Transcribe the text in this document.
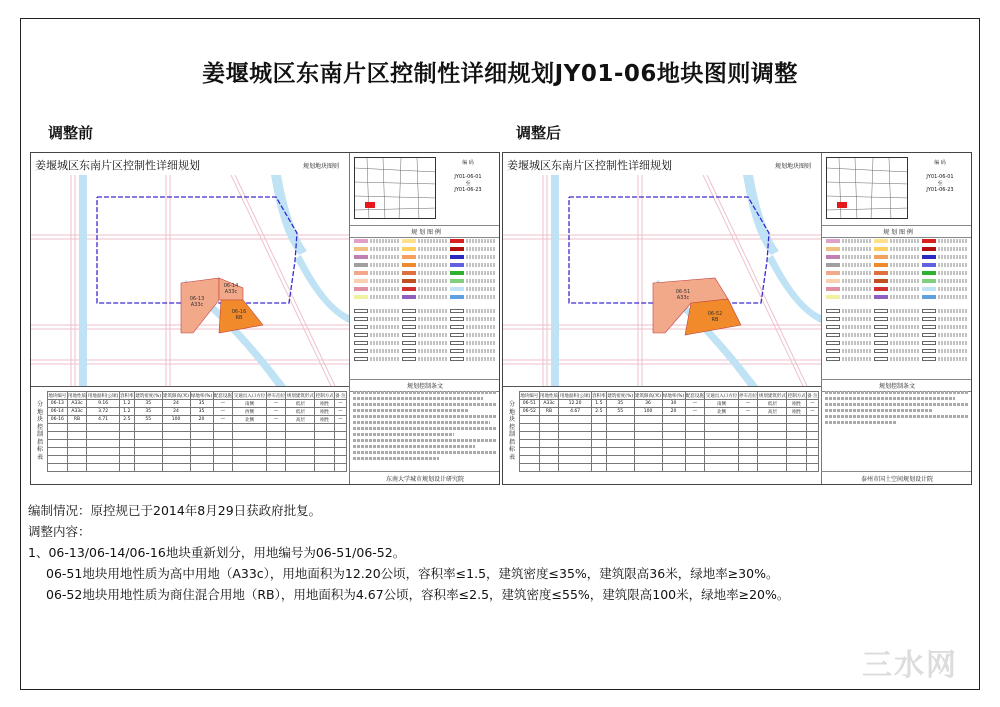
姜堰城区东南片区控制性详细规划JY01-06地块图则调整
调整前	调整后
06-13
A33c
06-14
A33c
06-16
RB
姜堰城区东南片区控制性详细规划	规划地块图则	编 码
JY01-06-01
至
JY01-06-23
规 划 图 例
规划控制条文
东南大学城市规划设计研究院
分地块控制指标表
地块编号	用地性质	用地面积(公顷)	容积率	建筑密度(%)	建筑限高(米)	绿地率(%)	配套设施	交通出入口方位	停车泊位	规划建筑形式	控制方式	备 注
06-13	A33c	9.16	1.2	35	24	35	—	南侧	—	低层	刚性	—
06-14	A33c	3.72	1.2	35	24	35	—	西侧	—	低层	刚性	—
06-16	RB	4.71	2.5	55	100	20	—	北侧	—	高层	刚性	—

06-51
A33c
06-52
RB
姜堰城区东南片区控制性详细规划	规划地块图则	编 码
JY01-06-01
至
JY01-06-23
规 划 图 例
规划控制条文
泰州市国土空间规划设计院
分地块控制指标表
地块编号	用地性质	用地面积(公顷)	容积率	建筑密度(%)	建筑限高(米)	绿地率(%)	配套设施	交通出入口方位	停车泊位	规划建筑形式	控制方式	备 注
06-51	A33c	12.20	1.5	35	36	30	—	南侧	—	低层	刚性	—
06-52	RB	4.67	2.5	55	100	20	—	北侧	—	高层	刚性	—

编制情况：原控规已于2014年8月29日获政府批复。
调整内容：
1、06-13/06-14/06-16地块重新划分，用地编号为06-51/06-52。
06-51地块用地性质为高中用地（A33c），用地面积为12.20公顷，容积率≤1.5，建筑密度≤35%，建筑限高36米，绿地率≥30%。
06-52地块用地性质为商住混合用地（RB），用地面积为4.67公顷，容积率≤2.5，建筑密度≤55%，建筑限高100米，绿地率≥20%。
三水网
